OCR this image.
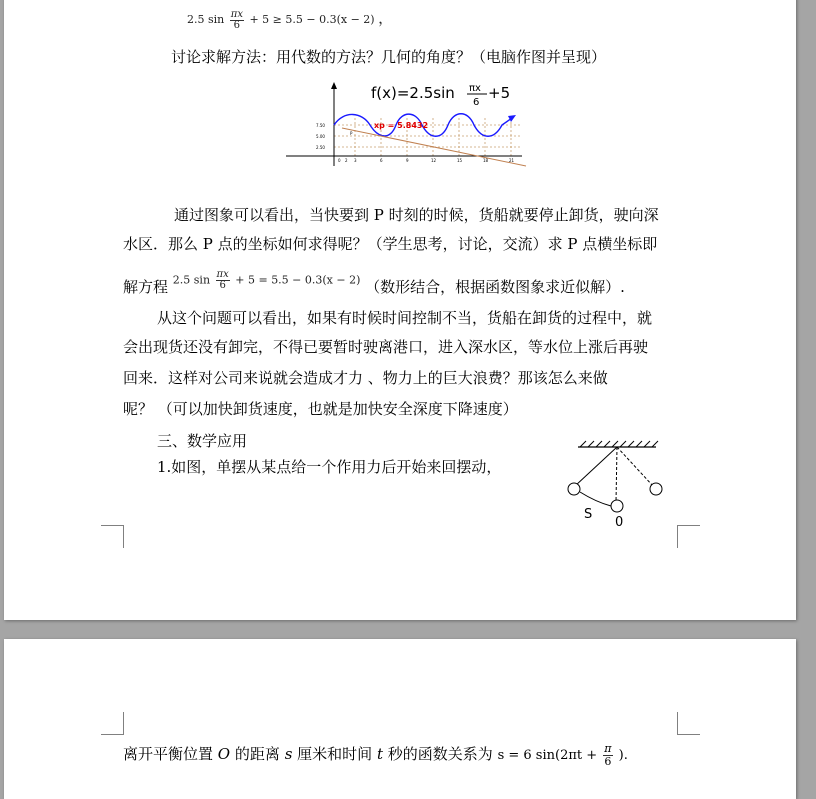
2.5 $\sin \frac{\pi x}{6} + 5 \ge 5.5 - 0.3(x - 2)$ ，
讨论求解方法：用代数的方法？几何的角度？（电脑作图并呈现）
f(x)=2.5sin πx
6
+5
7.50
5.00
2.50
0 2 3	6	9	12	15	18	21
xp = 5.8432
P
通过图象可以看出，当快要到 P 时刻的时候，货船就要停止卸货，驶向深
水区．那么 P 点的坐标如何求得呢？（学生思考，讨论，交流）求 P 点横坐标即
解方程 2.5 $\sin \frac{\pi x}{6} + 5 = 5.5 - 0.3(x - 2)$ （数形结合，根据函数图象求近似解）.
从这个问题可以看出，如果有时候时间控制不当，货船在卸货的过程中，就
会出现货还没有卸完，不得已要暂时驶离港口，进入深水区，等水位上涨后再驶
回来．这样对公司来说就会造成才力 、物力上的巨大浪费？那该怎么来做
呢？ （可以加快卸货速度，也就是加快安全深度下降速度）
三、数学应用
1.如图，单摆从某点给一个作用力后开始来回摆动，
S
0
离开平衡位置 O 的距离 s 厘米和时间 t 秒的函数关系为 s = 6 $\sin(2\pi t + \frac{\pi}{6}$ ).
